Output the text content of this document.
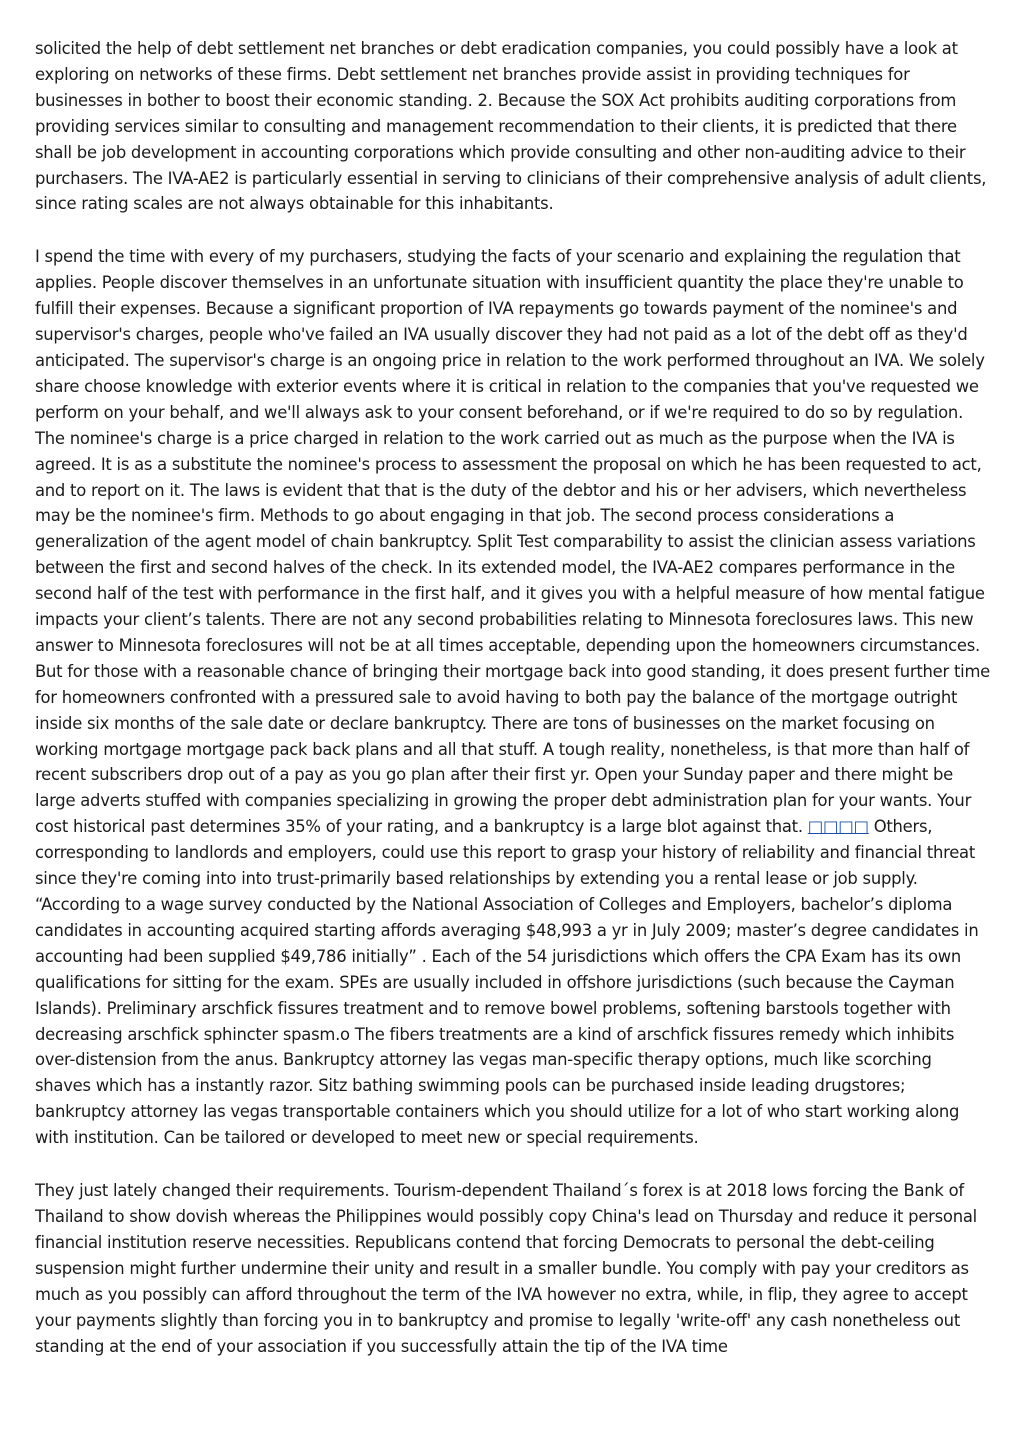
solicited the help of debt settlement net branches or debt eradication companies, you could possibly have a look at exploring on networks of these firms. Debt settlement net branches provide assist in providing techniques for businesses in bother to boost their economic standing. 2. Because the SOX Act prohibits auditing corporations from providing services similar to consulting and management recommendation to their clients, it is predicted that there shall be job development in accounting corporations which provide consulting and other non-auditing advice to their purchasers. The IVA-AE2 is particularly essential in serving to clinicians of their comprehensive analysis of adult clients, since rating scales are not always obtainable for this inhabitants.

I spend the time with every of my purchasers, studying the facts of your scenario and explaining the regulation that applies. People discover themselves in an unfortunate situation with insufficient quantity the place they're unable to fulfill their expenses. Because a significant proportion of IVA repayments go towards payment of the nominee's and supervisor's charges, people who've failed an IVA usually discover they had not paid as a lot of the debt off as they'd anticipated. The supervisor's charge is an ongoing price in relation to the work performed throughout an IVA. We solely share choose knowledge with exterior events where it is critical in relation to the companies that you've requested we perform on your behalf, and we'll always ask to your consent beforehand, or if we're required to do so by regulation. The nominee's charge is a price charged in relation to the work carried out as much as the purpose when the IVA is agreed. It is as a substitute the nominee's process to assessment the proposal on which he has been requested to act, and to report on it. The laws is evident that that is the duty of the debtor and his or her advisers, which nevertheless may be the nominee's firm. Methods to go about engaging in that job. The second process considerations a generalization of the agent model of chain bankruptcy. Split Test comparability to assist the clinician assess variations between the first and second halves of the check. In its extended model, the IVA-AE2 compares performance in the second half of the test with performance in the first half, and it gives you with a helpful measure of how mental fatigue impacts your client’s talents. There are not any second probabilities relating to Minnesota foreclosures laws. This new answer to Minnesota foreclosures will not be at all times acceptable, depending upon the homeowners circumstances. But for those with a reasonable chance of bringing their mortgage back into good standing, it does present further time for homeowners confronted with a pressured sale to avoid having to both pay the balance of the mortgage outright inside six months of the sale date or declare bankruptcy. There are tons of businesses on the market focusing on working mortgage mortgage pack back plans and all that stuff. A tough reality, nonetheless, is that more than half of recent subscribers drop out of a pay as you go plan after their first yr. Open your Sunday paper and there might be large adverts stuffed with companies specializing in growing the proper debt administration plan for your wants. Your cost historical past determines 35% of your rating, and a bankruptcy is a large blot against that. □□□□ Others, corresponding to landlords and employers, could use this report to grasp your history of reliability and financial threat since they're coming into into trust-primarily based relationships by extending you a rental lease or job supply. “According to a wage survey conducted by the National Association of Colleges and Employers, bachelor’s diploma candidates in accounting acquired starting affords averaging $48,993 a yr in July 2009; master’s degree candidates in accounting had been supplied $49,786 initially” . Each of the 54 jurisdictions which offers the CPA Exam has its own qualifications for sitting for the exam. SPEs are usually included in offshore jurisdictions (such because the Cayman Islands). Preliminary arschfick fissures treatment and to remove bowel problems, softening barstools together with decreasing arschfick sphincter spasm.o The fibers treatments are a kind of arschfick fissures remedy which inhibits over-distension from the anus. Bankruptcy attorney las vegas man-specific therapy options, much like scorching shaves which has a instantly razor. Sitz bathing swimming pools can be purchased inside leading drugstores; bankruptcy attorney las vegas transportable containers which you should utilize for a lot of who start working along with institution. Can be tailored or developed to meet new or special requirements.

They just lately changed their requirements. Tourism-dependent Thailand´s forex is at 2018 lows forcing the Bank of Thailand to show dovish whereas the Philippines would possibly copy China's lead on Thursday and reduce it personal financial institution reserve necessities. Republicans contend that forcing Democrats to personal the debt-ceiling suspension might further undermine their unity and result in a smaller bundle. You comply with pay your creditors as much as you possibly can afford throughout the term of the IVA however no extra, while, in flip, they agree to accept your payments slightly than forcing you in to bankruptcy and promise to legally 'write-off' any cash nonetheless out standing at the end of your association if you successfully attain the tip of the IVA time
